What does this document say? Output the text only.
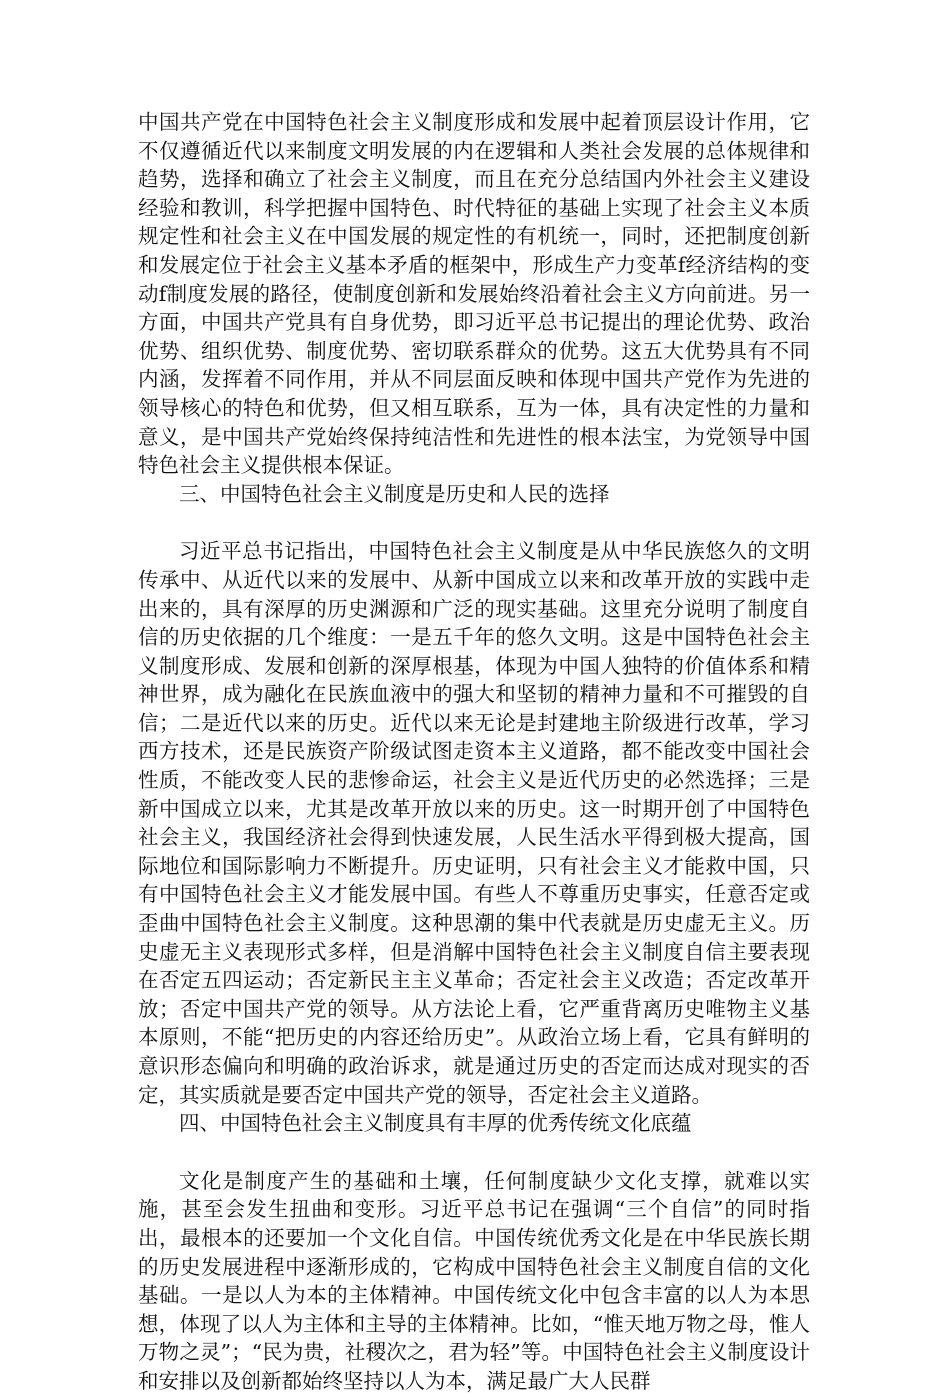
中国共产党在中国特色社会主义制度形成和发展中起着顶层设计作用，它不仅遵循近代以来制度文明发展的内在逻辑和人类社会发展的总体规律和趋势，选择和确立了社会主义制度，而且在充分总结国内外社会主义建设经验和教训，科学把握中国特色、时代特征的基础上实现了社会主义本质规定性和社会主义在中国发展的规定性的有机统一，同时，还把制度创新和发展定位于社会主义基本矛盾的框架中，形成生产力变革f经济结构的变动f制度发展的路径，使制度创新和发展始终沿着社会主义方向前进。另一方面，中国共产党具有自身优势，即习近平总书记提出的理论优势、政治优势、组织优势、制度优势、密切联系群众的优势。这五大优势具有不同内涵，发挥着不同作用，并从不同层面反映和体现中国共产党作为先进的领导核心的特色和优势，但又相互联系，互为一体，具有决定性的力量和意义，是中国共产党始终保持纯洁性和先进性的根本法宝，为党领导中国特色社会主义提供根本保证。

三、中国特色社会主义制度是历史和人民的选择

习近平总书记指出，中国特色社会主义制度是从中华民族悠久的文明传承中、从近代以来的发展中、从新中国成立以来和改革开放的实践中走出来的，具有深厚的历史渊源和广泛的现实基础。这里充分说明了制度自信的历史依据的几个维度：一是五千年的悠久文明。这是中国特色社会主义制度形成、发展和创新的深厚根基，体现为中国人独特的价值体系和精神世界，成为融化在民族血液中的强大和坚韧的精神力量和不可摧毁的自信；二是近代以来的历史。近代以来无论是封建地主阶级进行改革，学习西方技术，还是民族资产阶级试图走资本主义道路，都不能改变中国社会性质，不能改变人民的悲惨命运，社会主义是近代历史的必然选择；三是新中国成立以来，尤其是改革开放以来的历史。这一时期开创了中国特色社会主义，我国经济社会得到快速发展，人民生活水平得到极大提高，国际地位和国际影响力不断提升。历史证明，只有社会主义才能救中国，只有中国特色社会主义才能发展中国。有些人不尊重历史事实，任意否定或歪曲中国特色社会主义制度。这种思潮的集中代表就是历史虚无主义。历史虚无主义表现形式多样，但是消解中国特色社会主义制度自信主要表现在否定五四运动；否定新民主主义革命；否定社会主义改造；否定改革开放；否定中国共产党的领导。从方法论上看，它严重背离历史唯物主义基本原则，不能“把历史的内容还给历史”。从政治立场上看，它具有鲜明的意识形态偏向和明确的政治诉求，就是通过历史的否定而达成对现实的否定，其实质就是要否定中国共产党的领导，否定社会主义道路。

四、中国特色社会主义制度具有丰厚的优秀传统文化底蕴

文化是制度产生的基础和土壤，任何制度缺少文化支撑，就难以实施，甚至会发生扭曲和变形。习近平总书记在强调“三个自信”的同时指出，最根本的还要加一个文化自信。中国传统优秀文化是在中华民族长期的历史发展进程中逐渐形成的，它构成中国特色社会主义制度自信的文化基础。一是以人为本的主体精神。中国传统文化中包含丰富的以人为本思想，体现了以人为主体和主导的主体精神。比如，“惟天地万物之母，惟人万物之灵”；“民为贵，社稷次之，君为轻”等。中国特色社会主义制度设计和安排以及创新都始终坚持以人为本，满足最广大人民群
